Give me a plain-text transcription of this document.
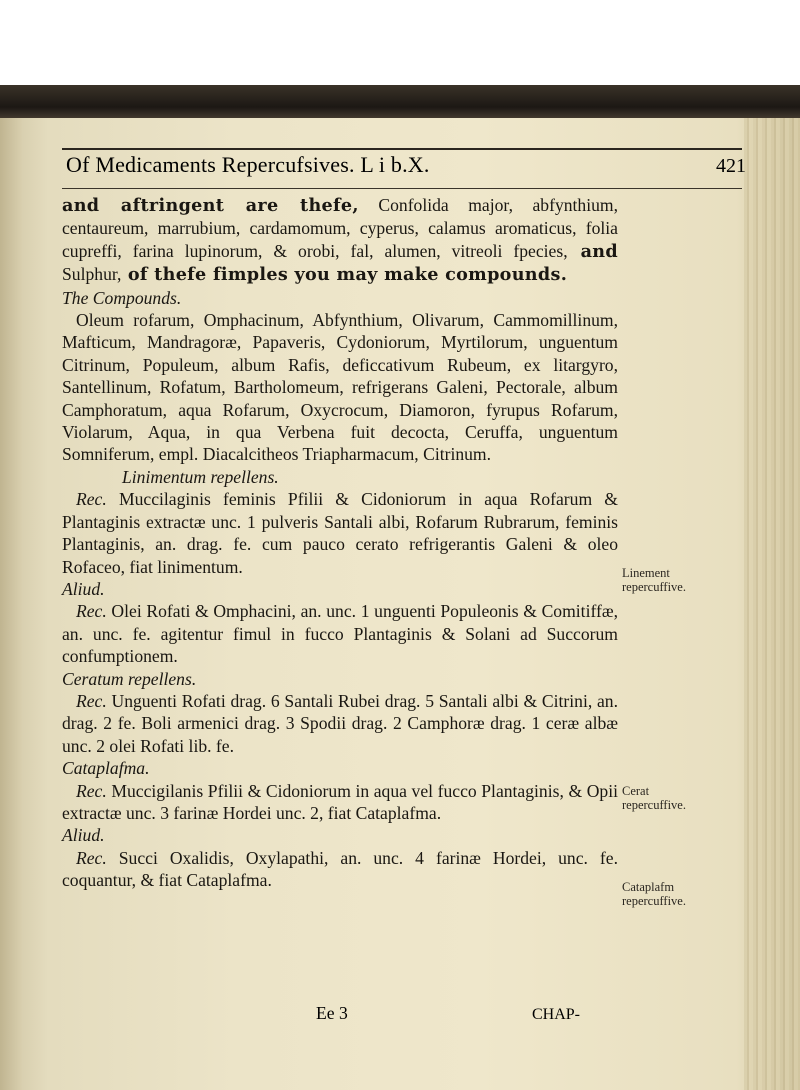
Of Medicaments Repercufsives. L i b.X.	421

and aftringent are thefe, Confolida major, abfynthium, centaureum, marrubium, cardamomum, cyperus, calamus aromaticus, folia cupreffi, farina lupinorum, & orobi, fal, alumen, vitreoli fpecies, and Sulphur, of thefe fimples you may make compounds.

The Compounds.

Oleum rofarum, Omphacinum, Abfynthium, Olivarum, Cammomillinum, Mafticum, Mandragoræ, Papaveris, Cydoniorum, Myrtilorum, unguentum Citrinum, Populeum, album Rafis, deficcativum Rubeum, ex litargyro, Santellinum, Rofatum, Bartholomeum, refrigerans Galeni, Pectorale, album Camphoratum, aqua Rofarum, Oxycrocum, Diamoron, fyrupus Rofarum, Violarum, Aqua, in qua Verbena fuit decocta, Ceruffa, unguentum Somniferum, empl. Diacalcitheos Triapharmacum, Citrinum.

Linimentum repellens.

Rec. Muccilaginis feminis Pfilii & Cidoniorum in aqua Rofarum & Plantaginis extractæ unc. 1 pulveris Santali albi, Rofarum Rubrarum, feminis Plantaginis, an. drag. fe. cum pauco cerato refrigerantis Galeni & oleo Rofaceo, fiat linimentum.

Aliud.

Rec. Olei Rofati & Omphacini, an. unc. 1 unguenti Populeonis & Comitiffæ, an. unc. fe. agitentur fimul in fucco Plantaginis & Solani ad Succorum confumptionem.

Ceratum repellens.

Rec. Unguenti Rofati drag. 6 Santali Rubei drag. 5 Santali albi & Citrini, an. drag. 2 fe. Boli armenici drag. 3 Spodii drag. 2 Camphoræ drag. 1 ceræ albæ unc. 2 olei Rofati lib. fe.

Cataplafma.

Rec. Muccigilanis Pfilii & Cidoniorum in aqua vel fucco Plantaginis, & Opii extractæ unc. 3 farinæ Hordei unc. 2, fiat Cataplafma.

Aliud.

Rec. Succi Oxalidis, Oxylapathi, an. unc. 4 farinæ Hordei, unc. fe. coquantur, & fiat Cataplafma.

Linement repercuffive.
Cerat repercuffive.
Cataplafm repercuffive.
Ee 3	CHAP-
